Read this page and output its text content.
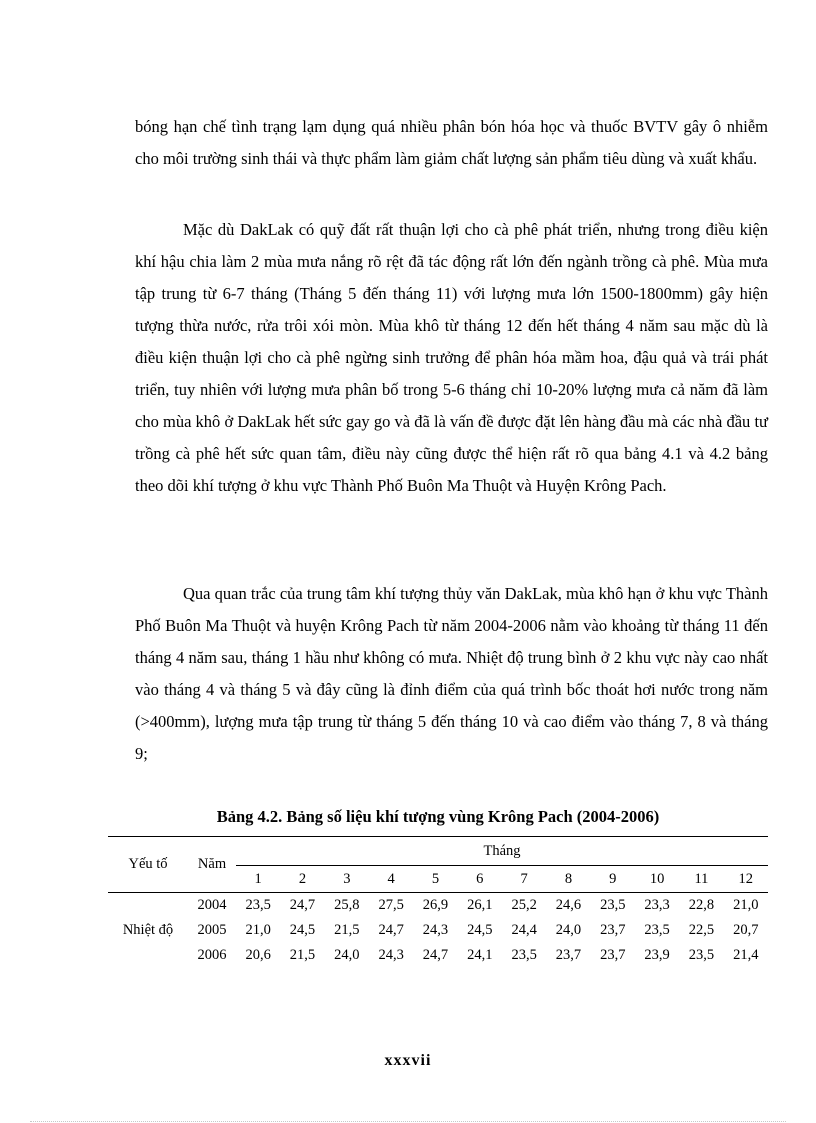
bóng hạn chế tình trạng lạm dụng quá nhiều phân bón hóa học và thuốc BVTV gây ô nhiễm cho môi trường sinh thái và thực phẩm làm giảm chất lượng sản phẩm tiêu dùng và xuất khẩu.

Mặc dù DakLak có quỹ đất rất thuận lợi cho cà phê phát triển, nhưng trong điều kiện khí hậu chia làm 2 mùa mưa nắng rõ rệt đã tác động rất lớn đến ngành trồng cà phê. Mùa mưa tập trung từ 6-7 tháng (Tháng 5 đến tháng 11) với lượng mưa lớn 1500-1800mm) gây hiện tượng thừa nước, rửa trôi xói mòn. Mùa khô từ tháng 12 đến hết tháng 4 năm sau mặc dù là điều kiện thuận lợi cho cà phê ngừng sinh trưởng để phân hóa mầm hoa, đậu quả và trái phát triển, tuy nhiên với lượng mưa phân bố trong 5-6 tháng chỉ 10-20% lượng mưa cả năm đã làm cho mùa khô ở DakLak hết sức gay go và đã là vấn đề được đặt lên hàng đầu mà các nhà đầu tư trồng cà phê hết sức quan tâm, điều này cũng được thể hiện rất rõ qua bảng 4.1 và 4.2 bảng theo dõi khí tượng ở khu vực Thành Phố Buôn Ma Thuột và Huyện Krông Pach.

Qua quan trắc của trung tâm khí tượng thủy văn DakLak, mùa khô hạn ở khu vực Thành Phố Buôn Ma Thuột và huyện Krông Pach từ năm 2004-2006 nằm vào khoảng từ tháng 11 đến tháng 4 năm sau, tháng 1 hầu như không có mưa. Nhiệt độ trung bình ở 2 khu vực này cao nhất vào tháng 4 và tháng 5 và đây cũng là đỉnh điểm của quá trình bốc thoát hơi nước trong năm (>400mm), lượng mưa tập trung từ tháng 5 đến tháng 10 và cao điểm vào tháng 7, 8 và tháng 9;

Bảng 4.2. Bảng số liệu khí tượng vùng Krông Pach (2004-2006)
Yếu tố	Năm	Tháng											
		1	2	3	4	5	6	7	8	9	10	11	12
Nhiệt độ	2004	23,5	24,7	25,8	27,5	26,9	26,1	25,2	24,6	23,5	23,3	22,8	21,0
	2005	21,0	24,5	21,5	24,7	24,3	24,5	24,4	24,0	23,7	23,5	22,5	20,7
	2006	20,6	21,5	24,0	24,3	24,7	24,1	23,5	23,7	23,7	23,9	23,5	21,4
xxxvii
